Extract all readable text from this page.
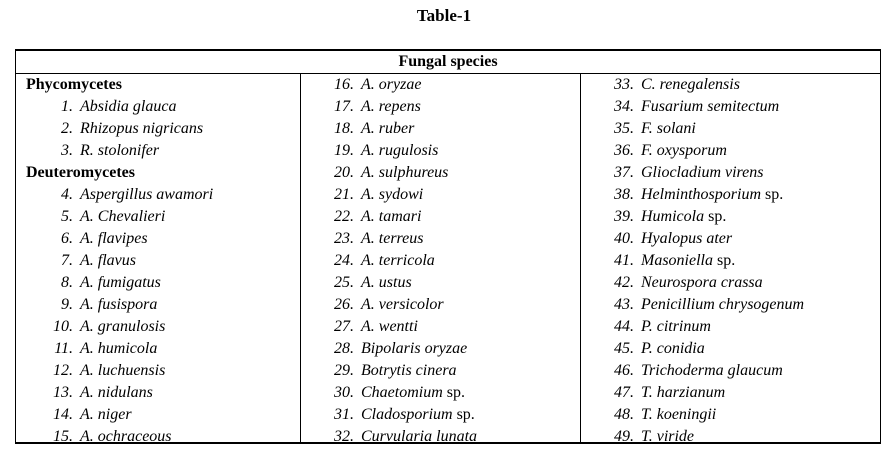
Table-1
Fungal species
Phycomycetes
1. Absidia glauca
2. Rhizopus nigricans
3. R. stolonifer
Deuteromycetes
4. Aspergillus awamori
5. A. Chevalieri
6. A. flavipes
7. A. flavus
8. A. fumigatus
9. A. fusispora
10. A. granulosis
11. A. humicola
12. A. luchuensis
13. A. nidulans
14. A. niger
15. A. ochraceous
16. A. oryzae
17. A. repens
18. A. ruber
19. A. rugulosis
20. A. sulphureus
21. A. sydowi
22. A. tamari
23. A. terreus
24. A. terricola
25. A. ustus
26. A. versicolor
27. A. wentti
28. Bipolaris oryzae
29. Botrytis cinera
30. Chaetomium sp.
31. Cladosporium sp.
32. Curvularia lunata
33. C. renegalensis
34. Fusarium semitectum
35. F. solani
36. F. oxysporum
37. Gliocladium virens
38. Helminthosporium sp.
39. Humicola sp.
40. Hyalopus ater
41. Masoniella sp.
42. Neurospora crassa
43. Penicillium chrysogenum
44. P. citrinum
45. P. conidia
46. Trichoderma glaucum
47. T. harzianum
48. T. koeningii
49. T. viride
